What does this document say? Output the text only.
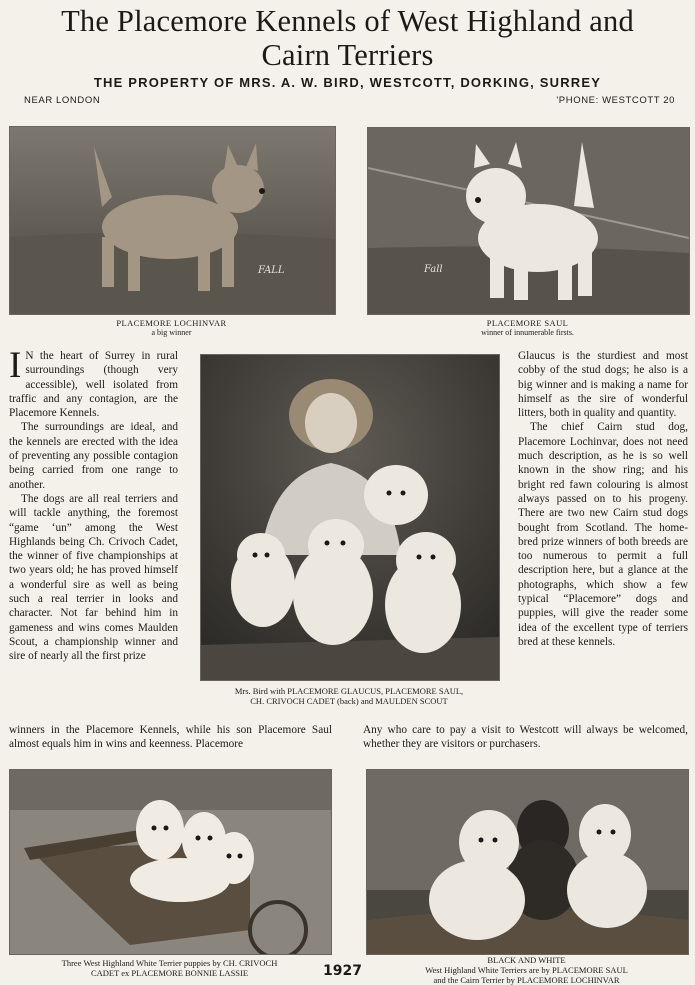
The Placemore Kennels of West Highland and
Cairn Terriers
THE PROPERTY OF MRS. A. W. BIRD, WESTCOTT, DORKING, SURREY
NEAR LONDON	'PHONE: WESTCOTT 20
FALL
PLACEMORE LOCHINVAR
a big winner
Fall
PLACEMORE SAUL
winner of innumerable firsts.
Mrs. Bird with PLACEMORE GLAUCUS, PLACEMORE SAUL,
CH. CRIVOCH CADET (back) and MAULDEN SCOUT

I N the heart of Surrey in rural surroundings (though very accessible), well isolated from traffic and any contagion, are the Placemore Kennels.

The surroundings are ideal, and the kennels are erected with the idea of preventing any possible contagion being carried from one range to another.

The dogs are all real terriers and will tackle anything, the foremost “game ‘un” among the West Highlands being Ch. Crivoch Cadet, the winner of five championships at two years old; he has proved himself a wonderful sire as well as being such a real terrier in looks and character. Not far behind him in gameness and wins comes Maulden Scout, a championship winner and sire of nearly all the first prize

winners in the Placemore Kennels, while his son Placemore Saul almost equals him in wins and keenness. Placemore

Glaucus is the sturdiest and most cobby of the stud dogs; he also is a big winner and is making a name for himself as the sire of wonderful litters, both in quality and quantity.

The chief Cairn stud dog, Placemore Lochinvar, does not need much description, as he is so well known in the show ring; and his bright red fawn colouring is almost always passed on to his progeny. There are two new Cairn stud dogs bought from Scotland. The home-bred prize winners of both breeds are too numerous to permit a full description here, but a glance at the photographs, which show a few typical “Placemore” dogs and puppies, will give the reader some idea of the excellent type of terriers bred at these kennels.

Any who care to pay a visit to Westcott will always be welcomed, whether they are visitors or purchasers.
Three West Highland White Terrier puppies by CH. CRIVOCH
CADET ex PLACEMORE BONNIE LASSIE	1927
BLACK AND WHITE
West Highland White Terriers are by PLACEMORE SAUL
and the Cairn Terrier by PLACEMORE LOCHINVAR
